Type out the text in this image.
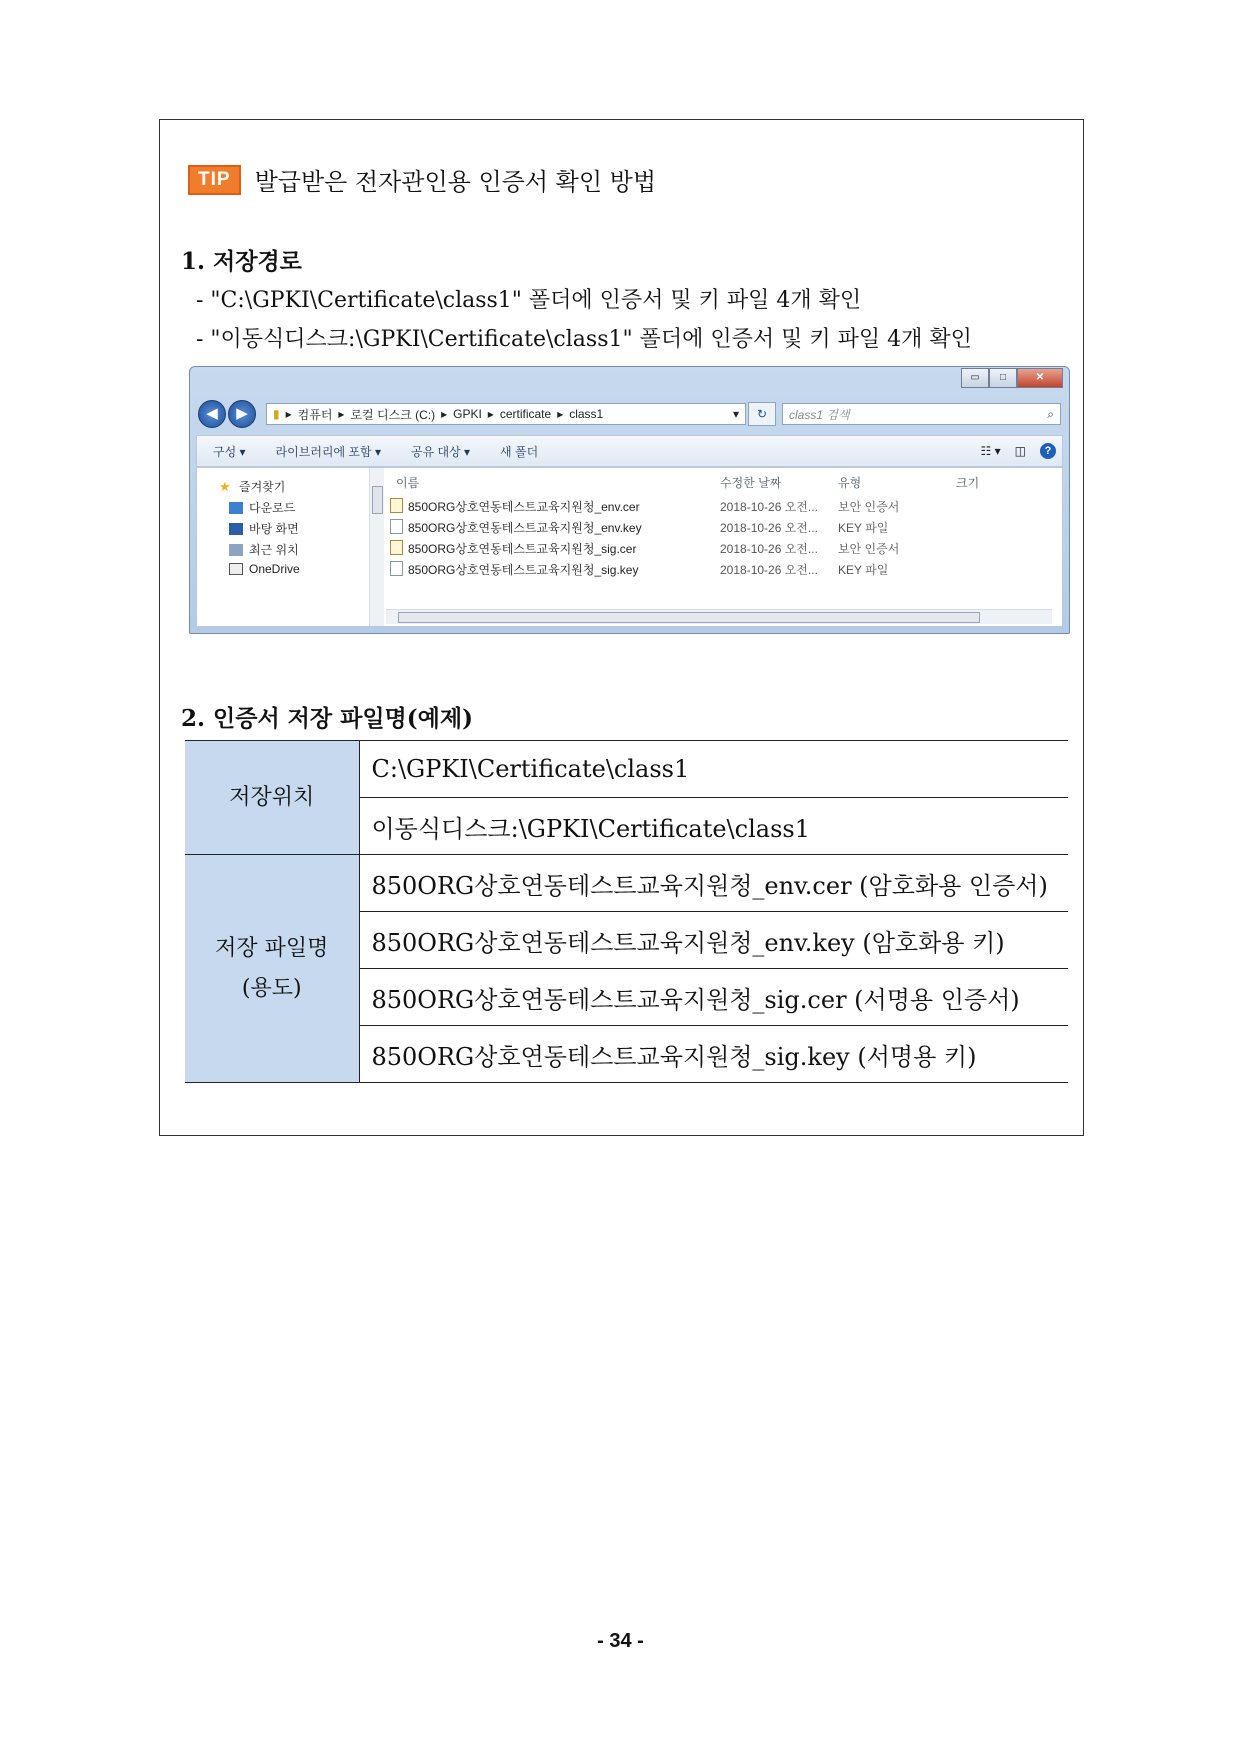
TIP	발급받은 전자관인용 인증서 확인 방법
1. 저장경로
- "C:\GPKI\Certificate\class1" 폴더에 인증서 및 키 파일 4개 확인
- "이동식디스크:\GPKI\Certificate\class1" 폴더에 인증서 및 키 파일 4개 확인
▭	□	✕
◀	▶	▮ ▸ 컴퓨터 ▸ 로컬 디스크 (C:) ▸ GPKI ▸ certificate ▸ class1	▾	↻	class1 검색	⌕
구성 ▾	라이브러리에 포함 ▾	공유 대상 ▾	새 폴더	☷ ▾ ◫	?
★ 즐겨찾기
다운로드
바탕 화면
최근 위치
OneDrive
이름	수정한 날짜	유형	크기
850ORG상호연동테스트교육지원청_env.cer	2018-10-26 오전... 보안 인증서
850ORG상호연동테스트교육지원청_env.key	2018-10-26 오전... KEY 파일
850ORG상호연동테스트교육지원청_sig.cer	2018-10-26 오전... 보안 인증서
850ORG상호연동테스트교육지원청_sig.key	2018-10-26 오전... KEY 파일
2. 인증서 저장 파일명(예제)
저장위치	C:\GPKI\Certificate\class1
	이동식디스크:\GPKI\Certificate\class1

저장 파일명
(용도)	850ORG상호연동테스트교육지원청_env.cer (암호화용 인증서)
	850ORG상호연동테스트교육지원청_env.key (암호화용 키)
	850ORG상호연동테스트교육지원청_sig.cer (서명용 인증서)
	850ORG상호연동테스트교육지원청_sig.key (서명용 키)
- 34 -
